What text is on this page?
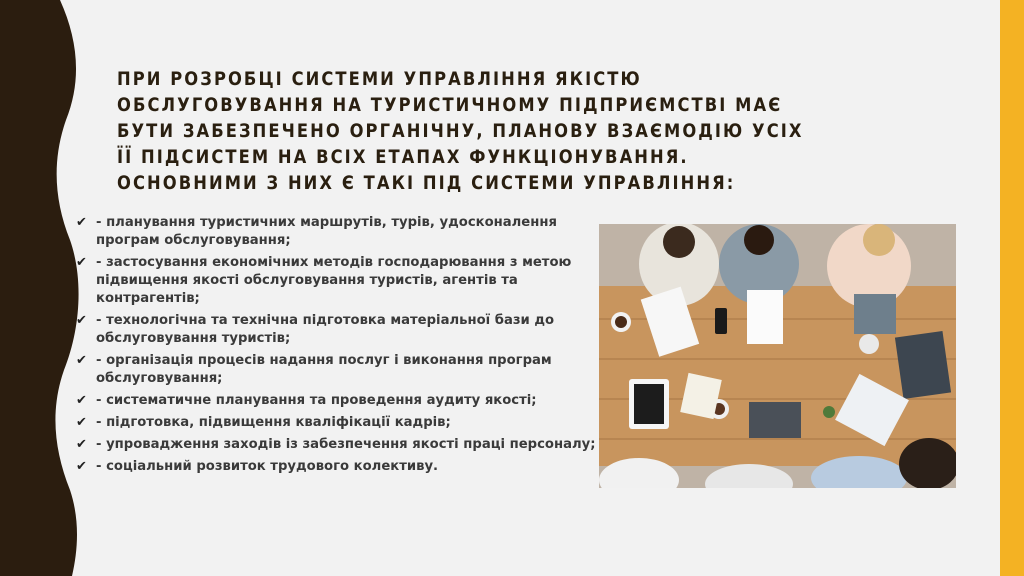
ПРИ РОЗРОБЦІ СИСТЕМИ УПРАВЛІННЯ ЯКІСТЮ ОБСЛУГОВУВАННЯ НА ТУРИСТИЧНОМУ ПІДПРИЄМСТВІ МАЄ БУТИ ЗАБЕЗПЕЧЕНО ОРГАНІЧНУ, ПЛАНОВУ ВЗАЄМОДІЮ УСІХ ЇЇ ПІДСИСТЕМ НА ВСІХ ЕТАПАХ ФУНКЦІОНУВАННЯ. ОСНОВНИМИ З НИХ Є ТАКІ ПІД СИСТЕМИ УПРАВЛІННЯ:
✔ - планування туристичних маршрутів, турів, удосконалення програм обслуговування;
✔ - застосування економічних методів господарювання з метою підвищення якості обслуговування туристів, агентів та контрагентів;
✔ - технологічна та технічна підготовка матеріальної бази до обслуговування туристів;
✔ - організація процесів надання послуг і виконання програм обслуговування;
✔ - систематичне планування та проведення аудиту якості;
✔ - підготовка, підвищення кваліфікації кадрів;
✔ - упровадження заходів із забезпечення якості праці персоналу;
✔ - соціальний розвиток трудового колективу.
